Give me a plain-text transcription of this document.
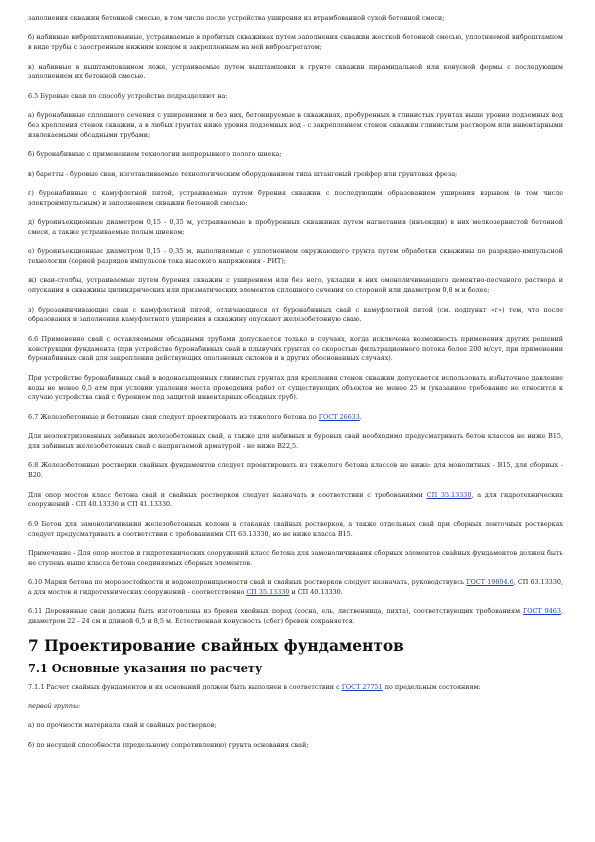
заполнения скважин бетонной смесью, в том числе после устройства уширения из втрамбованной сухой бетонной смеси;

б) набивные виброштампованные, устраиваемые в пробитых скважинах путем заполнения скважин жесткой бетонной смесью, уплотняемой виброштампом в виде трубы с заостренным нижним концом и закрепленным на ней виброагрегатом;

в) набивные в выштампованном ложе, устраиваемые путем выштамповки в грунте скважин пирамидальной или конусной формы с последующим заполнением их бетонной смесью.

6.5 Буровые сваи по способу устройства подразделяют на:

а) буронабивные сплошного сечения с уширениями и без них, бетонируемые в скважинах, пробуренных в глинистых грунтах выше уровня подземных вод без крепления стенок скважин, а в любых грунтах ниже уровня подземных вод - с закреплением стенок скважин глинистым раствором или инвентарными извлекаемыми обсадными трубами;

б) буронабивные с применением технологии непрерывного полого шнека;

в) баретты - буровые сваи, изготавливаемые технологическим оборудованием типа штанговый грейфер или грунтовая фреза;

г) буронабивные с камуфлетной пятой, устраиваемые путем бурения скважин с последующим образованием уширения взрывом (в том числе электроимпульсным) и заполнением скважин бетонной смесью;

д) буроинъекционные диаметром 0,15 - 0,35 м, устраиваемые в пробуренных скважинах путем нагнетания (инъекции) в них мелкозернистой бетонной смеси, а также устраиваемые полым шнеком;

е) буроинъекционные диаметром 0,15 - 0,35 м, выполняемые с уплотнением окружающего грунта путем обработки скважины по разрядно-импульсной технологии (серией разрядов импульсов тока высокого напряжения - РИТ);

ж) сваи-столбы, устраиваемые путем бурения скважин с уширением или без него, укладки в них омоноличивающего цементно-песчаного раствора и опускания в скважины цилиндрических или призматических элементов сплошного сечения со стороной или диаметром 0,8 м и более;

з) бурозавинчивающие сваи с камуфлетной пятой, отличающиеся от буронабивных свай с камуфлетной пятой (см. подпункт «г») тем, что после образования и заполнения камуфлетного уширения в скважину опускают железобетонную сваю.

6.6 Применение свай с оставляемыми обсадными трубами допускается только в случаях, когда исключена возможность применения других решений конструкции фундамента (при устройстве буронабивных свай в плывучих грунтах со скоростью фильтрационного потока более 200 м/сут, при применении буронабивных свай для закрепления действующих оползневых склонов и в других обоснованных случаях).

При устройстве буронабивных свай в водонасыщенных глинистых грунтах для крепления стенок скважин допускается использовать избыточное давление воды не менее 0,5 атм при условии удаления места проведения работ от существующих объектов не менее 25 м (указанное требование не относится к случаю устройства свай с бурением под защитой инвентарных обсадных труб).

6.7 Железобетонные и бетонные сваи следует проектировать из тяжелого бетона по ГОСТ 26633.

Для неэлектризованных забивных железобетонных свай, а также для набивных и буровых свай необходимо предусматривать бетон классов не ниже В15, для забивных железобетонных свай с напрягаемой арматурой - не ниже В22,5.

6.8 Железобетонные ростверки свайных фундаментов следует проектировать из тяжелого бетона классов не ниже: для монолитных - В15, для сборных - В20.

Для опор мостов класс бетона свай и свайных ростверков следует назначать в соответствии с требованиями СП 35.13330, а для гидротехнических сооружений - СП 40.13330 и СП 41.13330.

6.9 Бетон для замоноличивания железобетонных колонн в стаканах свайных ростверков, а также отдельных свай при сборных ленточных ростверках следует предусматривать в соответствии с требованиями СП 63.13330, но не ниже класса В15.

Примечание - Для опор мостов и гидротехнических сооружений класс бетона для замоноличивания сборных элементов свайных фундаментов должен быть не ступень выше класса бетона соединяемых сборных элементов.

6.10 Марки бетона по морозостойкости и водонепроницаемости свай и свайных ростверков следует назначать, руководствуясь ГОСТ 19804.6, СП 63.13330, а для мостов и гидротехнических сооружений - соответственно СП 35.13330 и СП 40.13330.

6.11 Деревянные сваи должны быть изготовлены из бревен хвойных пород (сосна, ель, лиственница, пихта), соответствующих требованиям ГОСТ 9463, диаметром 22 - 24 см и длиной 6,5 и 8,5 м. Естественная конусность (сбег) бревен сохраняется.

7 Проектирование свайных фундаментов
7.1 Основные указания по расчету

7.1.1 Расчет свайных фундаментов и их оснований должен быть выполнен в соответствии с ГОСТ 27751 по предельным состояниям:

первой группы:

а) по прочности материала свай и свайных ростверков;

б) по несущей способности (предельному сопротивлению) грунта основания свай;
